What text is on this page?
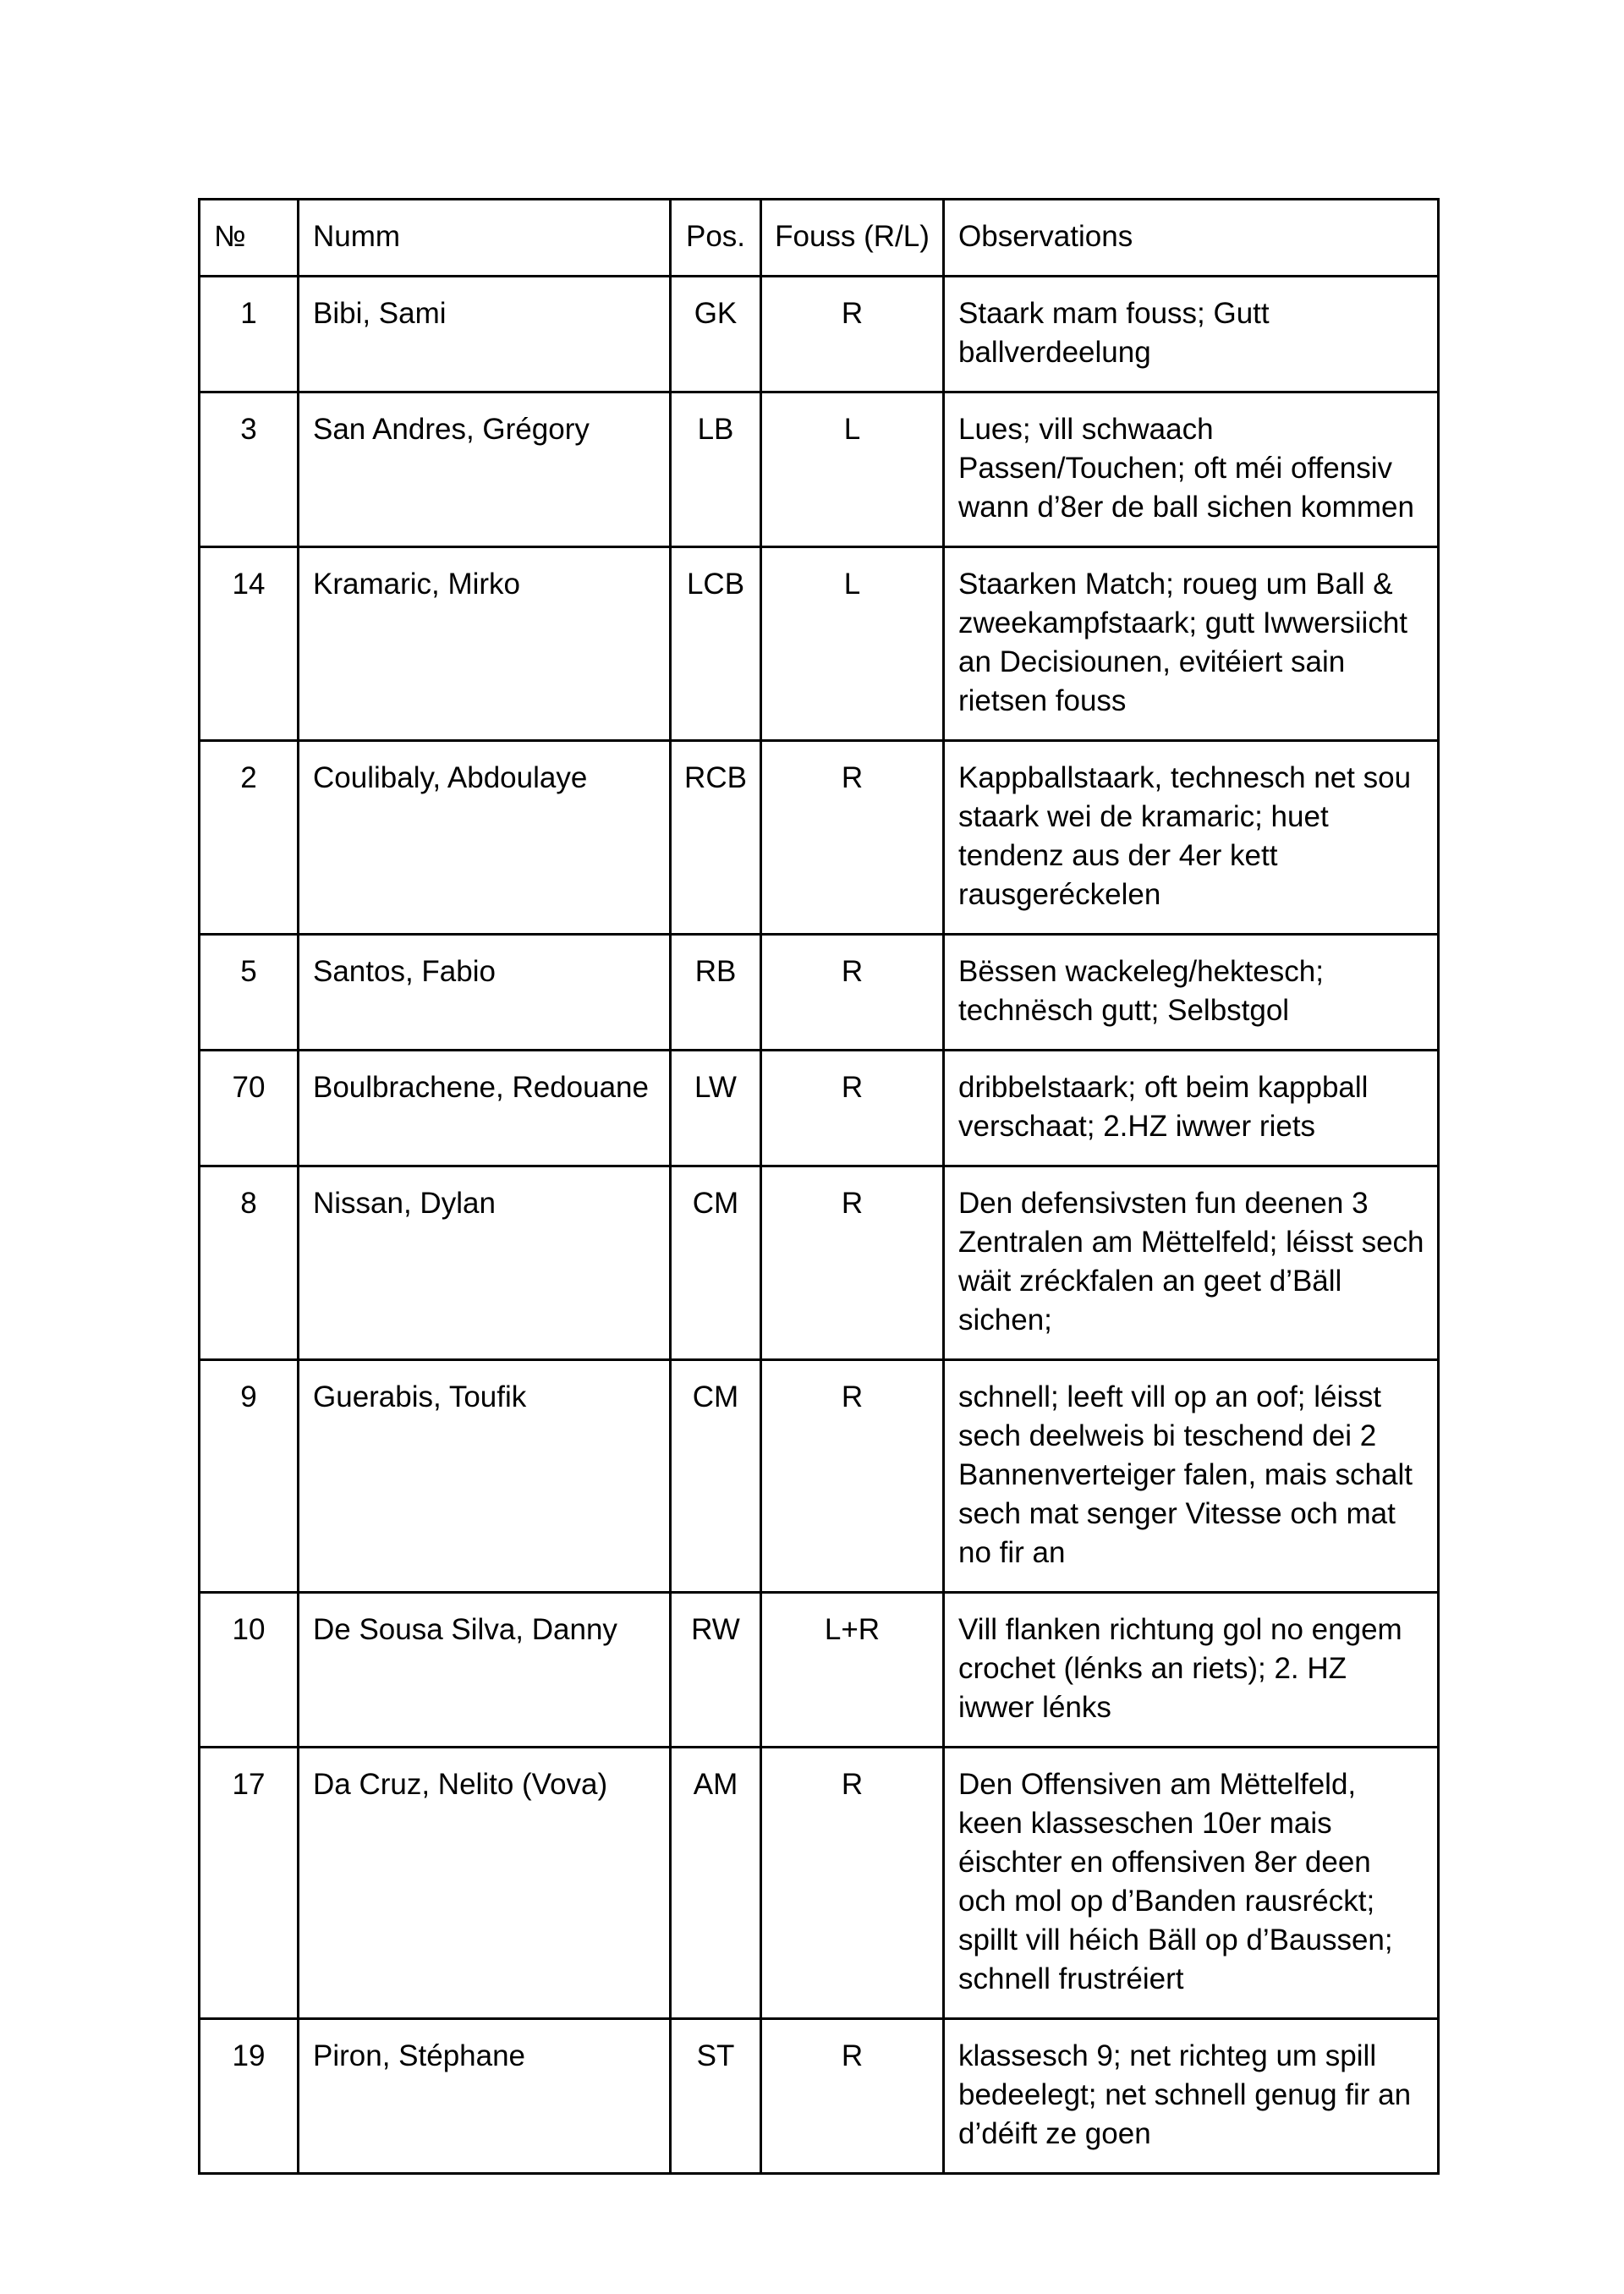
№	Numm	Pos.	Fouss (R/L)	Observations
1	Bibi, Sami	GK	R	Staark mam fouss; Gutt ballverdeelung
3	San Andres, Grégory	LB	L	Lues; vill schwaach Passen/Touchen; oft méi offensiv wann d’8er de ball sichen kommen
14	Kramaric, Mirko	LCB	L	Staarken Match; roueg um Ball & zweekampfstaark; gutt Iwwersiicht an Decisiounen, evitéiert sain rietsen fouss
2	Coulibaly, Abdoulaye	RCB	R	Kappballstaark, technesch net sou staark wei de kramaric; huet tendenz aus der 4er kett rausgeréckelen
5	Santos, Fabio	RB	R	Bëssen wackeleg/hektesch; technësch gutt; Selbstgol
70	Boulbrachene, Redouane	LW	R	dribbelstaark; oft beim kappball verschaat; 2.HZ iwwer riets
8	Nissan, Dylan	CM	R	Den defensivsten fun deenen 3 Zentralen am Mëttelfeld; léisst sech wäit zréckfalen an geet d’Bäll sichen;
9	Guerabis, Toufik	CM	R	schnell; leeft vill op an oof; léisst sech deelweis bi teschend dei 2 Bannenverteiger falen, mais schalt sech mat senger Vitesse och mat no fir an
10	De Sousa Silva, Danny	RW	L+R	Vill flanken richtung gol no engem crochet (lénks an riets); 2. HZ iwwer lénks
17	Da Cruz, Nelito (Vova)	AM	R	Den Offensiven am Mëttelfeld, keen klasseschen 10er mais éischter en offensiven 8er deen och mol op d’Banden rausréckt; spillt vill héich Bäll op d’Baussen; schnell frustréiert
19	Piron, Stéphane	ST	R	klassesch 9; net richteg um spill bedeelegt; net schnell genug fir an d’déift ze goen
